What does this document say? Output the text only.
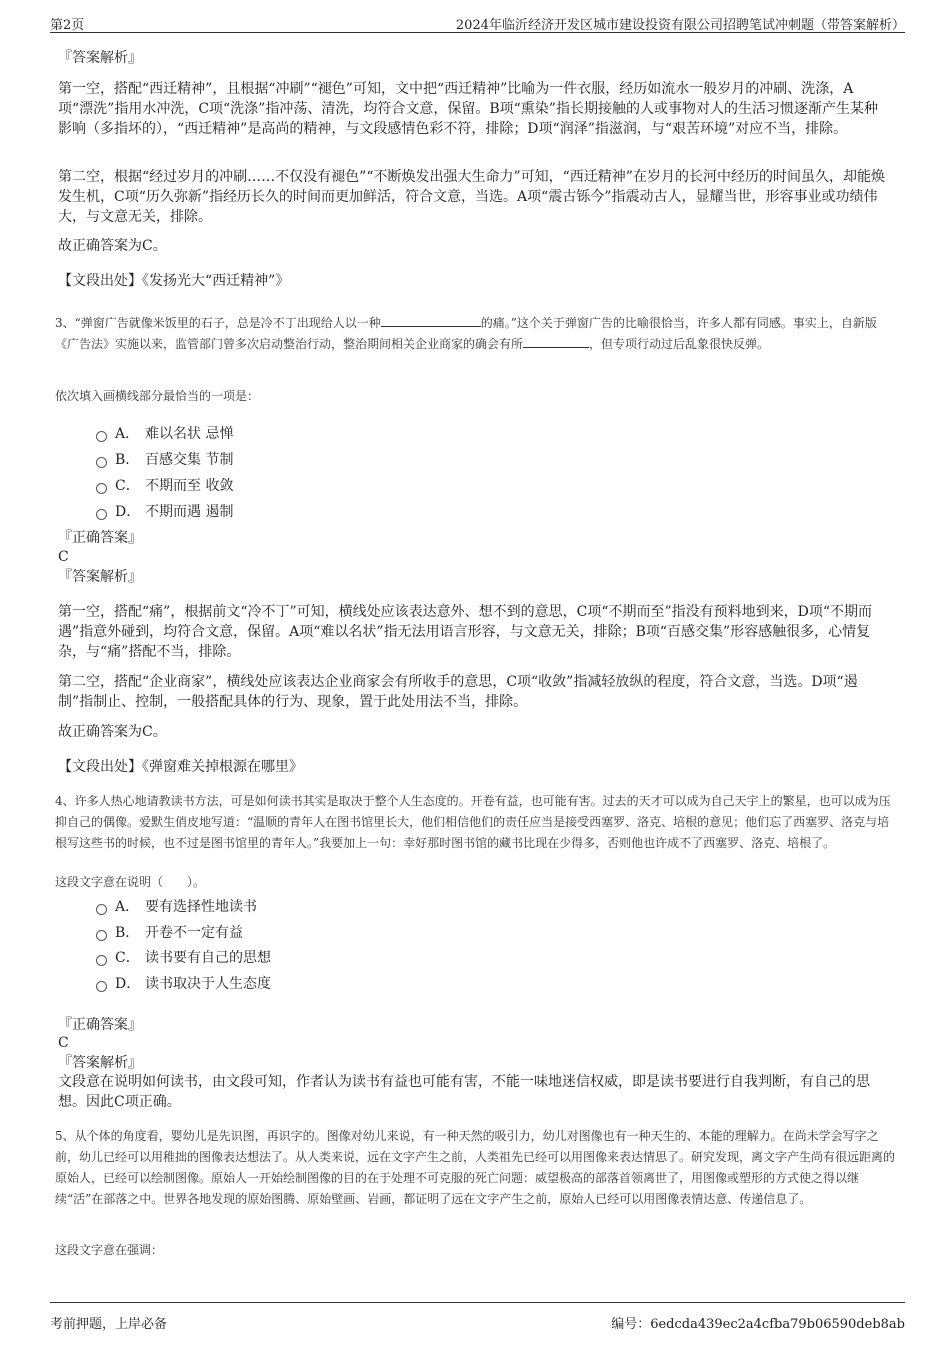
第2页	2024年临沂经济开发区城市建设投资有限公司招聘笔试冲刺题（带答案解析）
『答案解析』
第一空，搭配“西迁精神”，且根据“冲刷”“褪色”可知，文中把“西迁精神”比喻为一件衣服，经历如流水一般岁月的冲刷、洗涤，A项“漂洗”指用水冲洗，C项“洗涤”指冲荡、清洗，均符合文意，保留。B项“熏染”指长期接触的人或事物对人的生活习惯逐渐产生某种影响（多指坏的），“西迁精神”是高尚的精神，与文段感情色彩不符，排除；D项“润泽”指滋润，与“艰苦环境”对应不当，排除。
第二空，根据“经过岁月的冲刷……不仅没有褪色”“不断焕发出强大生命力”可知，“西迁精神”在岁月的长河中经历的时间虽久，却能焕发生机，C项“历久弥新”指经历长久的时间而更加鲜活，符合文意，当选。A项“震古铄今”指震动古人，显耀当世，形容事业或功绩伟大，与文意无关，排除。
故正确答案为C。
【文段出处】《发扬光大“西迁精神”》
3、“弹窗广告就像米饭里的石子，总是冷不丁出现给人以一种	的痛。”这个关于弹窗广告的比喻很恰当，许多人都有同感。事实上，自新版《广告法》实施以来，监管部门曾多次启动整治行动，整治期间相关企业商家的确会有所	，但专项行动过后乱象很快反弹。
依次填入画横线部分最恰当的一项是：
A． 难以名状 忌惮
B． 百感交集 节制
C． 不期而至 收敛
D． 不期而遇 遏制
『正确答案』
C
『答案解析』
第一空，搭配“痛”，根据前文“冷不丁”可知，横线处应该表达意外、想不到的意思，C项“不期而至”指没有预料地到来，D项“不期而遇”指意外碰到，均符合文意，保留。A项“难以名状”指无法用语言形容，与文意无关，排除；B项“百感交集”形容感触很多，心情复杂，与“痛”搭配不当，排除。
第二空，搭配“企业商家”，横线处应该表达企业商家会有所收手的意思，C项“收敛”指减轻放纵的程度，符合文意，当选。D项“遏制”指制止、控制，一般搭配具体的行为、现象，置于此处用法不当，排除。
故正确答案为C。
【文段出处】《弹窗难关掉根源在哪里》
4、许多人热心地请教读书方法，可是如何读书其实是取决于整个人生态度的。开卷有益，也可能有害。过去的天才可以成为自己天宇上的繁星，也可以成为压抑自己的偶像。爱默生俏皮地写道：“温顺的青年人在图书馆里长大，他们相信他们的责任应当是接受西塞罗、洛克、培根的意见；他们忘了西塞罗、洛克与培根写这些书的时候，也不过是图书馆里的青年人。”我要加上一句：幸好那时图书馆的藏书比现在少得多，否则他也许成不了西塞罗、洛克、培根了。
这段文字意在说明（　　）。
A． 要有选择性地读书
B． 开卷不一定有益
C． 读书要有自己的思想
D． 读书取决于人生态度
『正确答案』
C
『答案解析』
文段意在说明如何读书，由文段可知，作者认为读书有益也可能有害，不能一味地迷信权威，即是读书要进行自我判断，有自己的思想。因此C项正确。
5、从个体的角度看，婴幼儿是先识图，再识字的。图像对幼儿来说，有一种天然的吸引力，幼儿对图像也有一种天生的、本能的理解力。在尚未学会写字之前，幼儿已经可以用稚拙的图像表达想法了。从人类来说，远在文字产生之前，人类祖先已经可以用图像来表达情思了。研究发现，离文字产生尚有很远距离的原始人，已经可以绘制图像。原始人一开始绘制图像的目的在于处理不可克服的死亡问题：威望极高的部落首领离世了，用图像或塑形的方式使之得以继续“活”在部落之中。世界各地发现的原始图腾、原始壁画、岩画，都证明了远在文字产生之前，原始人已经可以用图像表情达意、传递信息了。
这段文字意在强调：
考前押题，上岸必备	编号：6edcda439ec2a4cfba79b06590deb8ab
